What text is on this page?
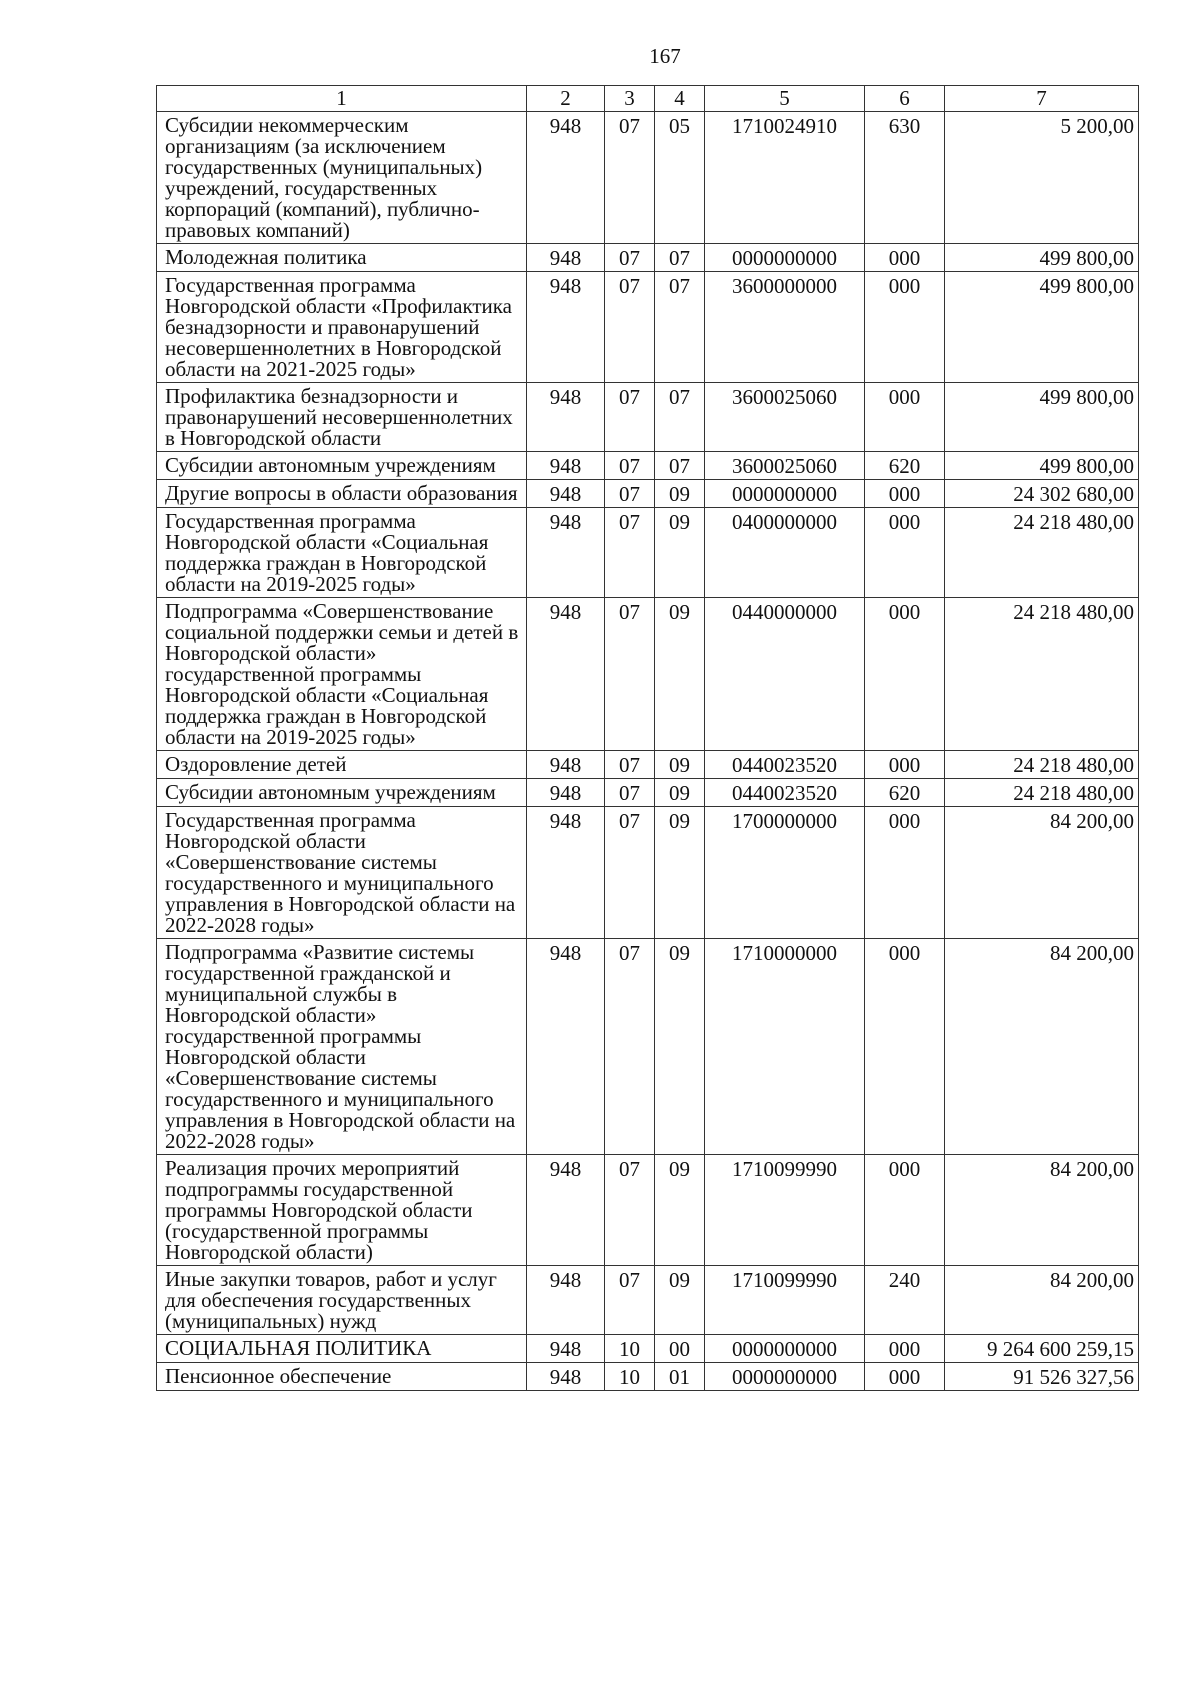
167
1	2	3	4	5	6	7
Субсидии некоммерческим организациям (за исключением государственных (муниципальных) учреждений, государственных корпораций (компаний), публично-правовых компаний)	948	07	05	1710024910	630	5 200,00
Молодежная политика	948	07	07	0000000000	000	499 800,00
Государственная программа Новгородской области «Профилактика безнадзорности и правонарушений несовершеннолетних в Новгородской области на 2021-2025 годы»	948	07	07	3600000000	000	499 800,00
Профилактика безнадзорности и правонарушений несовершеннолетних в Новгородской области	948	07	07	3600025060	000	499 800,00
Субсидии автономным учреждениям	948	07	07	3600025060	620	499 800,00
Другие вопросы в области образования	948	07	09	0000000000	000	24 302 680,00
Государственная программа Новгородской области «Социальная поддержка граждан в Новгородской области на 2019-2025 годы»	948	07	09	0400000000	000	24 218 480,00
Подпрограмма «Совершенствование социальной поддержки семьи и детей в Новгородской области» государственной программы Новгородской области «Социальная поддержка граждан в Новгородской области на 2019-2025 годы»	948	07	09	0440000000	000	24 218 480,00
Оздоровление детей	948	07	09	0440023520	000	24 218 480,00
Субсидии автономным учреждениям	948	07	09	0440023520	620	24 218 480,00
Государственная программа Новгородской области «Совершенствование системы государственного и муниципального управления в Новгородской области на 2022-2028 годы»	948	07	09	1700000000	000	84 200,00
Подпрограмма «Развитие системы государственной гражданской и муниципальной службы в Новгородской области» государственной программы Новгородской области «Совершенствование системы государственного и муниципального управления в Новгородской области на 2022-2028 годы»	948	07	09	1710000000	000	84 200,00
Реализация прочих мероприятий подпрограммы государственной программы Новгородской области (государственной программы Новгородской области)	948	07	09	1710099990	000	84 200,00
Иные закупки товаров, работ и услуг для обеспечения государственных (муниципальных) нужд	948	07	09	1710099990	240	84 200,00
СОЦИАЛЬНАЯ ПОЛИТИКА	948	10	00	0000000000	000	9 264 600 259,15
Пенсионное обеспечение	948	10	01	0000000000	000	91 526 327,56
